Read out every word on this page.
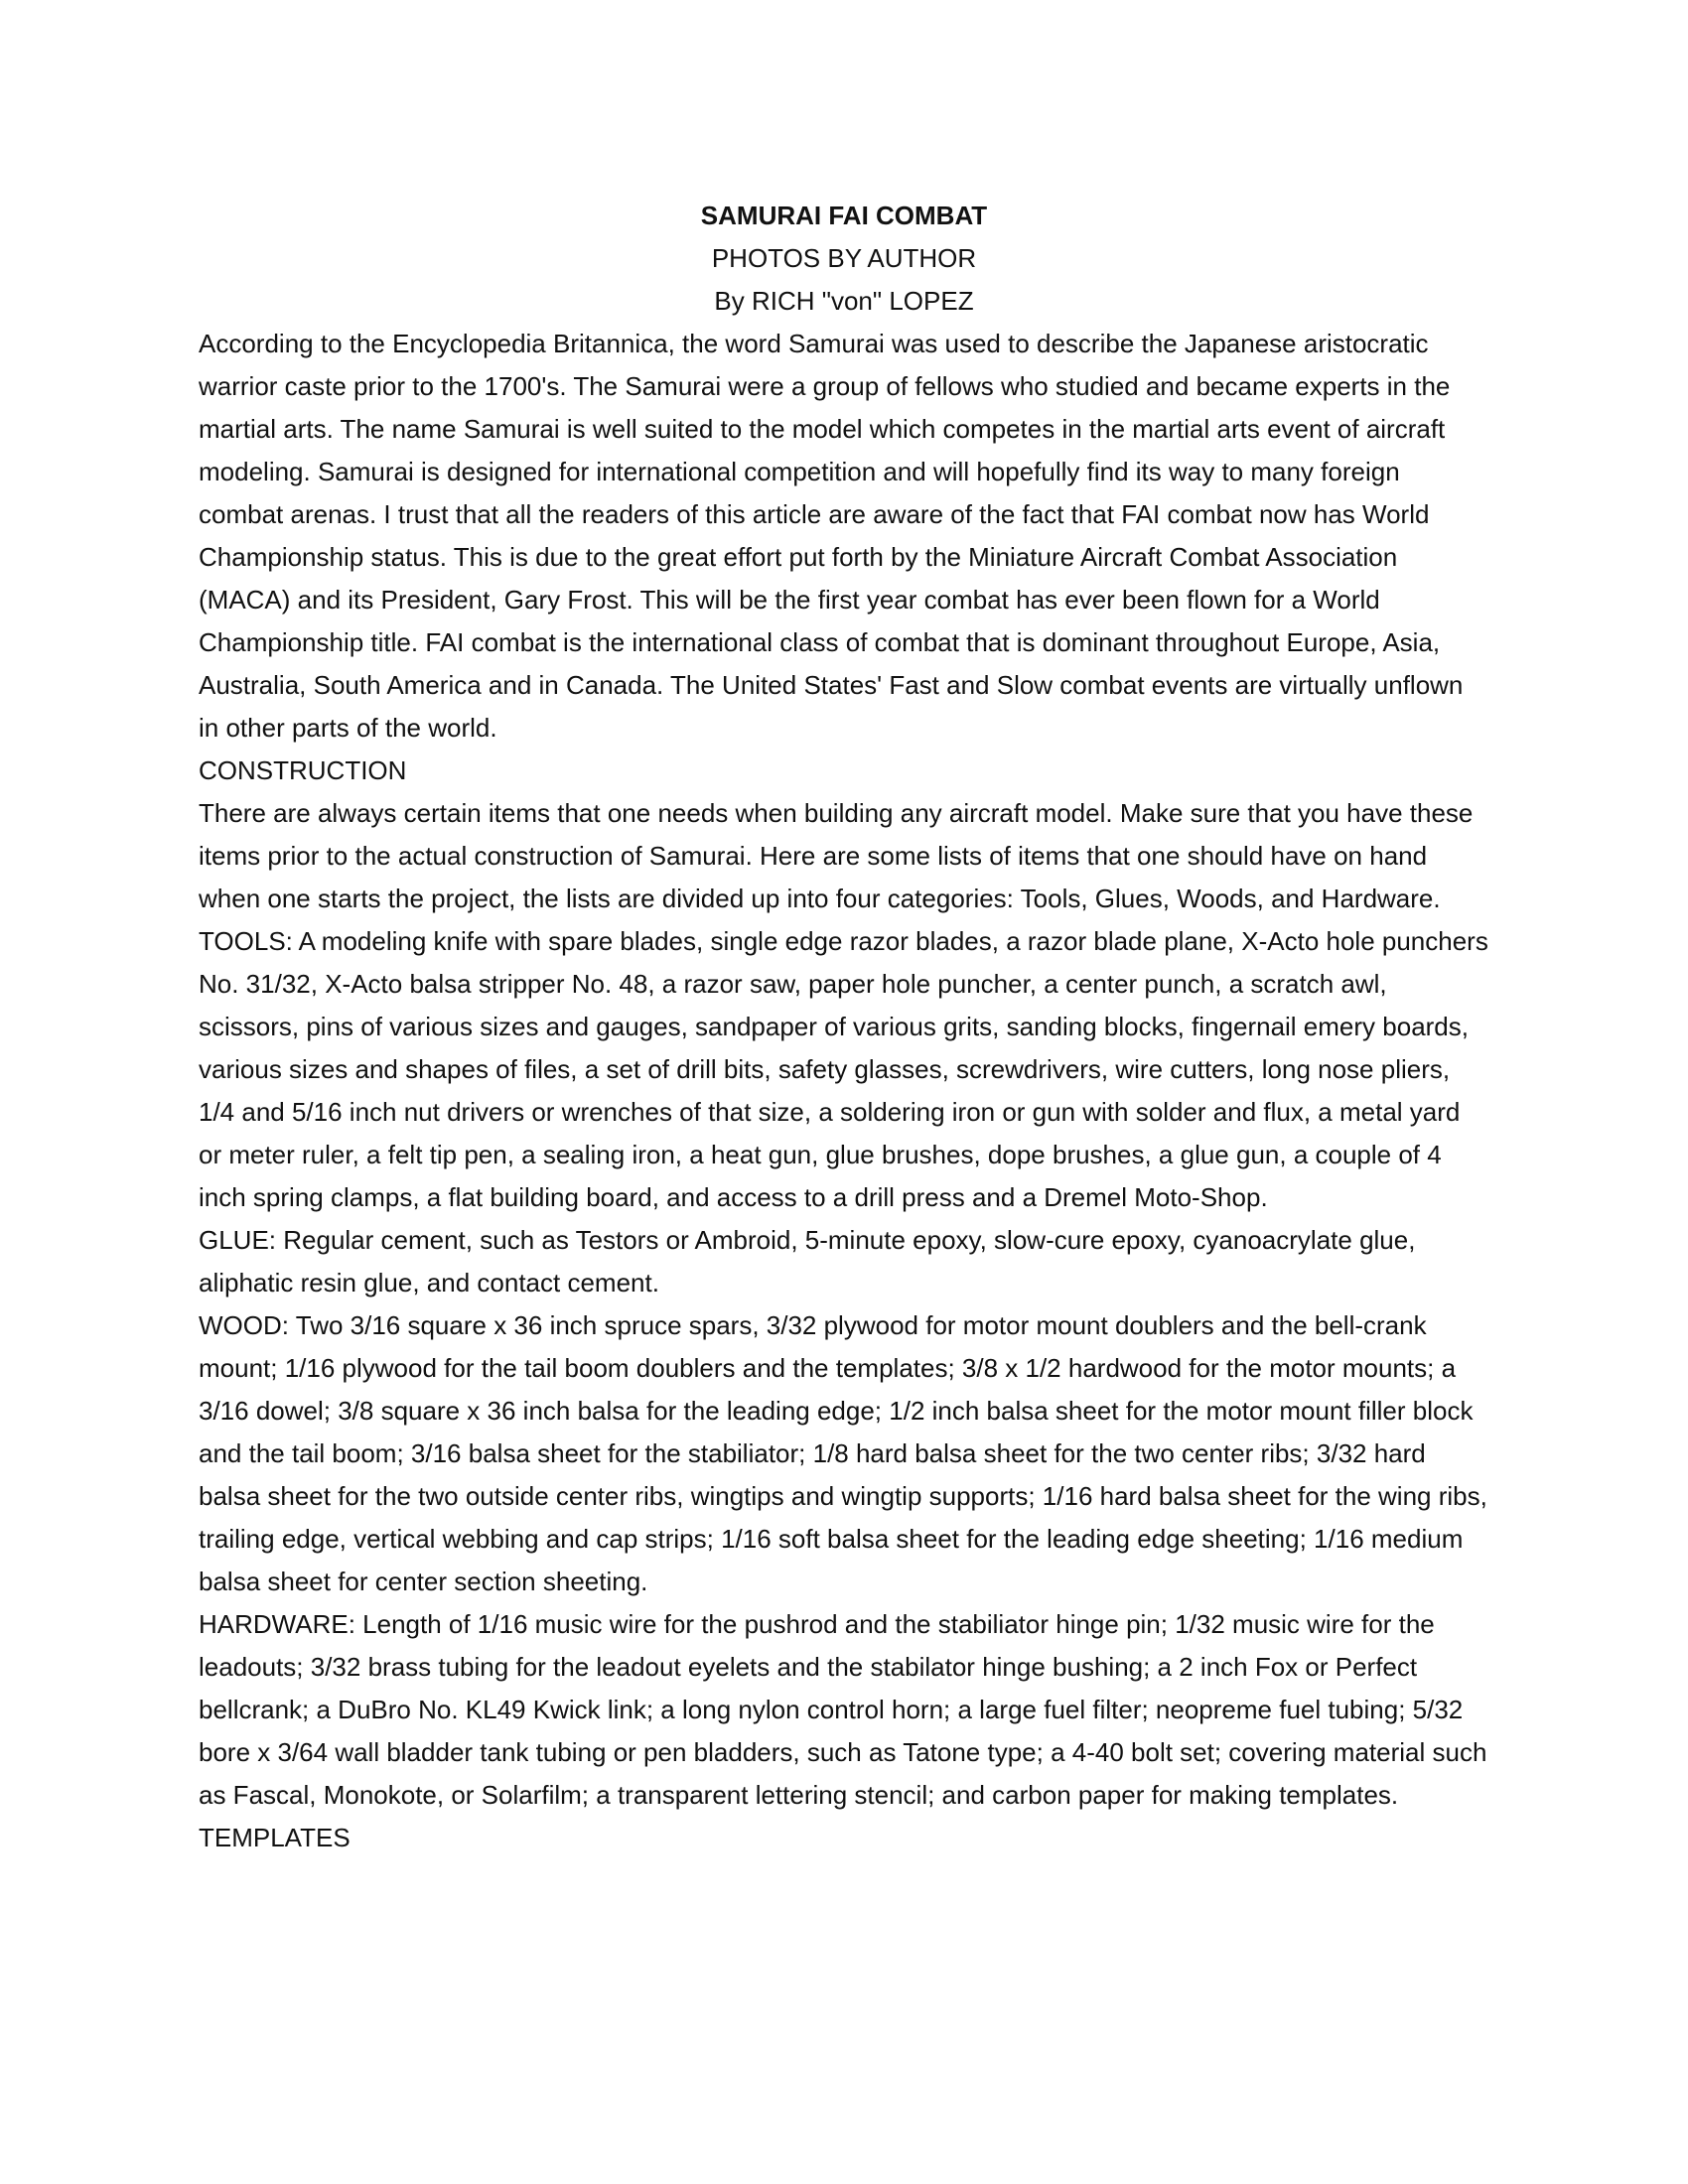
SAMURAI FAI COMBAT

PHOTOS BY AUTHOR

By RICH "von" LOPEZ

According to the Encyclopedia Britannica, the word Samurai was used to describe the Japanese aristocratic warrior caste prior to the 1700's. The Samurai were a group of fellows who studied and became experts in the martial arts. The name Samurai is well suited to the model which competes in the martial arts event of aircraft modeling. Samurai is designed for international competition and will hopefully find its way to many foreign combat arenas. I trust that all the readers of this article are aware of the fact that FAI combat now has World Championship status. This is due to the great effort put forth by the Miniature Aircraft Combat Association (MACA) and its President, Gary Frost. This will be the first year combat has ever been flown for a World Championship title. FAI combat is the international class of combat that is dominant throughout Europe, Asia, Australia, South America and in Canada. The United States' Fast and Slow combat events are virtually unflown in other parts of the world.

CONSTRUCTION

There are always certain items that one needs when building any aircraft model. Make sure that you have these items prior to the actual construction of Samurai. Here are some lists of items that one should have on hand when one starts the project, the lists are divided up into four categories: Tools, Glues, Woods, and Hardware.

TOOLS: A modeling knife with spare blades, single edge razor blades, a razor blade plane, X-Acto hole punchers No. 31/32, X-Acto balsa stripper No. 48, a razor saw, paper hole puncher, a center punch, a scratch awl, scissors, pins of various sizes and gauges, sandpaper of various grits, sanding blocks, fingernail emery boards, various sizes and shapes of files, a set of drill bits, safety glasses, screwdrivers, wire cutters, long nose pliers, 1/4 and 5/16 inch nut drivers or wrenches of that size, a soldering iron or gun with solder and flux, a metal yard or meter ruler, a felt tip pen, a sealing iron, a heat gun, glue brushes, dope brushes, a glue gun, a couple of 4 inch spring clamps, a flat building board, and access to a drill press and a Dremel Moto-Shop.

GLUE: Regular cement, such as Testors or Ambroid, 5-minute epoxy, slow-cure epoxy, cyanoacrylate glue, aliphatic resin glue, and contact cement.

WOOD: Two 3/16 square x 36 inch spruce spars, 3/32 plywood for motor mount doublers and the bell-crank mount; 1/16 plywood for the tail boom doublers and the templates; 3/8 x 1/2 hardwood for the motor mounts; a 3/16 dowel; 3/8 square x 36 inch balsa for the leading edge; 1/2 inch balsa sheet for the motor mount filler block and the tail boom; 3/16 balsa sheet for the stabiliator; 1/8 hard balsa sheet for the two center ribs; 3/32 hard balsa sheet for the two outside center ribs, wingtips and wingtip supports; 1/16 hard balsa sheet for the wing ribs, trailing edge, vertical webbing and cap strips; 1/16 soft balsa sheet for the leading edge sheeting; 1/16 medium balsa sheet for center section sheeting.

HARDWARE: Length of 1/16 music wire for the pushrod and the stabiliator hinge pin; 1/32 music wire for the leadouts; 3/32 brass tubing for the leadout eyelets and the stabilator hinge bushing; a 2 inch Fox or Perfect bellcrank; a DuBro No. KL49 Kwick link; a long nylon control horn; a large fuel filter; neopreme fuel tubing; 5/32 bore x 3/64 wall bladder tank tubing or pen bladders, such as Tatone type; a 4-40 bolt set; covering material such as Fascal, Monokote, or Solarfilm; a transparent lettering stencil; and carbon paper for making templates.

TEMPLATES
